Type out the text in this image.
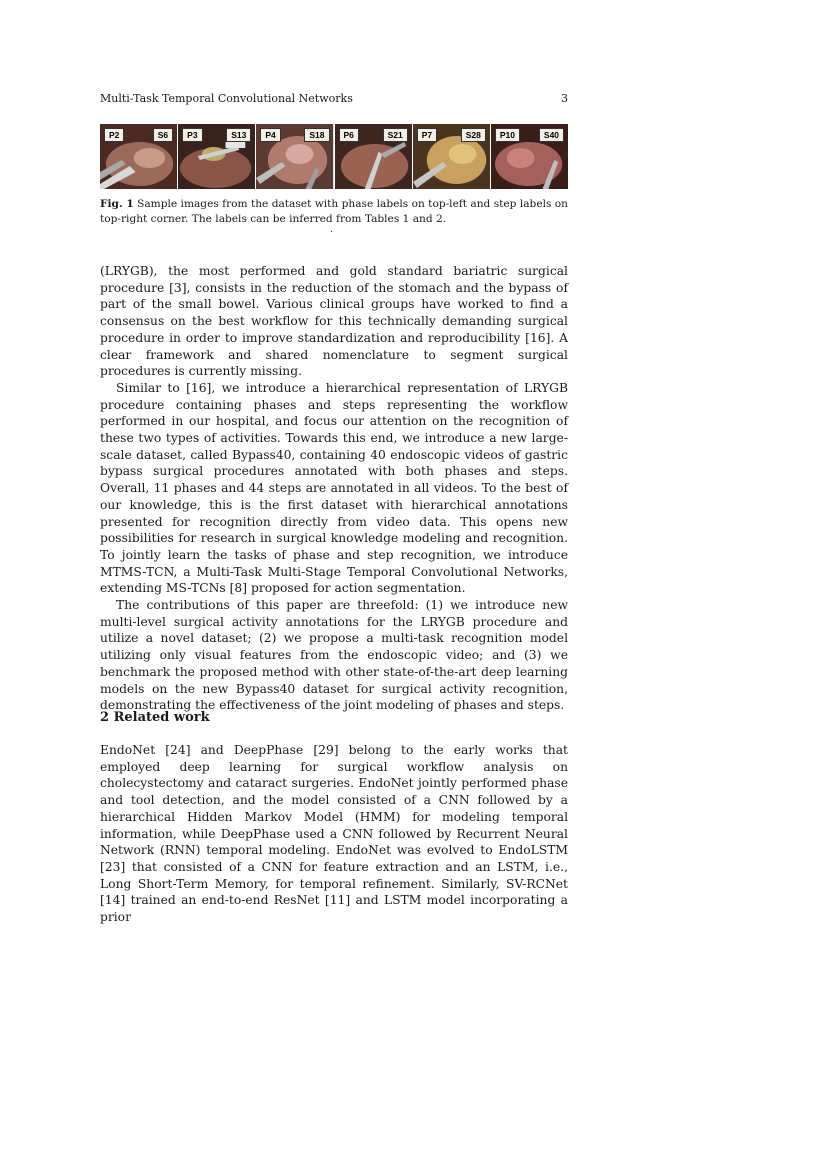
Multi-Task Temporal Convolutional Networks	3
P2	S6	P3	S13	P4	S18	P6	S21	P7	S28	P10	S40
Fig. 1 Sample images from the dataset with phase labels on top-left and step labels on top-right corner. The labels can be inferred from Tables 1 and 2.
.

(LRYGB), the most performed and gold standard bariatric surgical procedure [3], consists in the reduction of the stomach and the bypass of part of the small bowel. Various clinical groups have worked to find a consensus on the best workflow for this technically demanding surgical procedure in order to improve standardization and reproducibility [16]. A clear framework and shared nomenclature to segment surgical procedures is currently missing.

Similar to [16], we introduce a hierarchical representation of LRYGB procedure containing phases and steps representing the workflow performed in our hospital, and focus our attention on the recognition of these two types of activities. Towards this end, we introduce a new large-scale dataset, called Bypass40, containing 40 endoscopic videos of gastric bypass surgical procedures annotated with both phases and steps. Overall, 11 phases and 44 steps are annotated in all videos. To the best of our knowledge, this is the first dataset with hierarchical annotations presented for recognition directly from video data. This opens new possibilities for research in surgical knowledge modeling and recognition. To jointly learn the tasks of phase and step recognition, we introduce MTMS-TCN, a Multi-Task Multi-Stage Temporal Convolutional Networks, extending MS-TCNs [8] proposed for action segmentation.

The contributions of this paper are threefold: (1) we introduce new multi-level surgical activity annotations for the LRYGB procedure and utilize a novel dataset; (2) we propose a multi-task recognition model utilizing only visual features from the endoscopic video; and (3) we benchmark the proposed method with other state-of-the-art deep learning models on the new Bypass40 dataset for surgical activity recognition, demonstrating the effectiveness of the joint modeling of phases and steps.

2 Related work

EndoNet [24] and DeepPhase [29] belong to the early works that employed deep learning for surgical workflow analysis on cholecystectomy and cataract surgeries. EndoNet jointly performed phase and tool detection, and the model consisted of a CNN followed by a hierarchical Hidden Markov Model (HMM) for modeling temporal information, while DeepPhase used a CNN followed by Recurrent Neural Network (RNN) temporal modeling. EndoNet was evolved to EndoLSTM [23] that consisted of a CNN for feature extraction and an LSTM, i.e., Long Short-Term Memory, for temporal refinement. Similarly, SV-RCNet [14] trained an end-to-end ResNet [11] and LSTM model incorporating a prior
